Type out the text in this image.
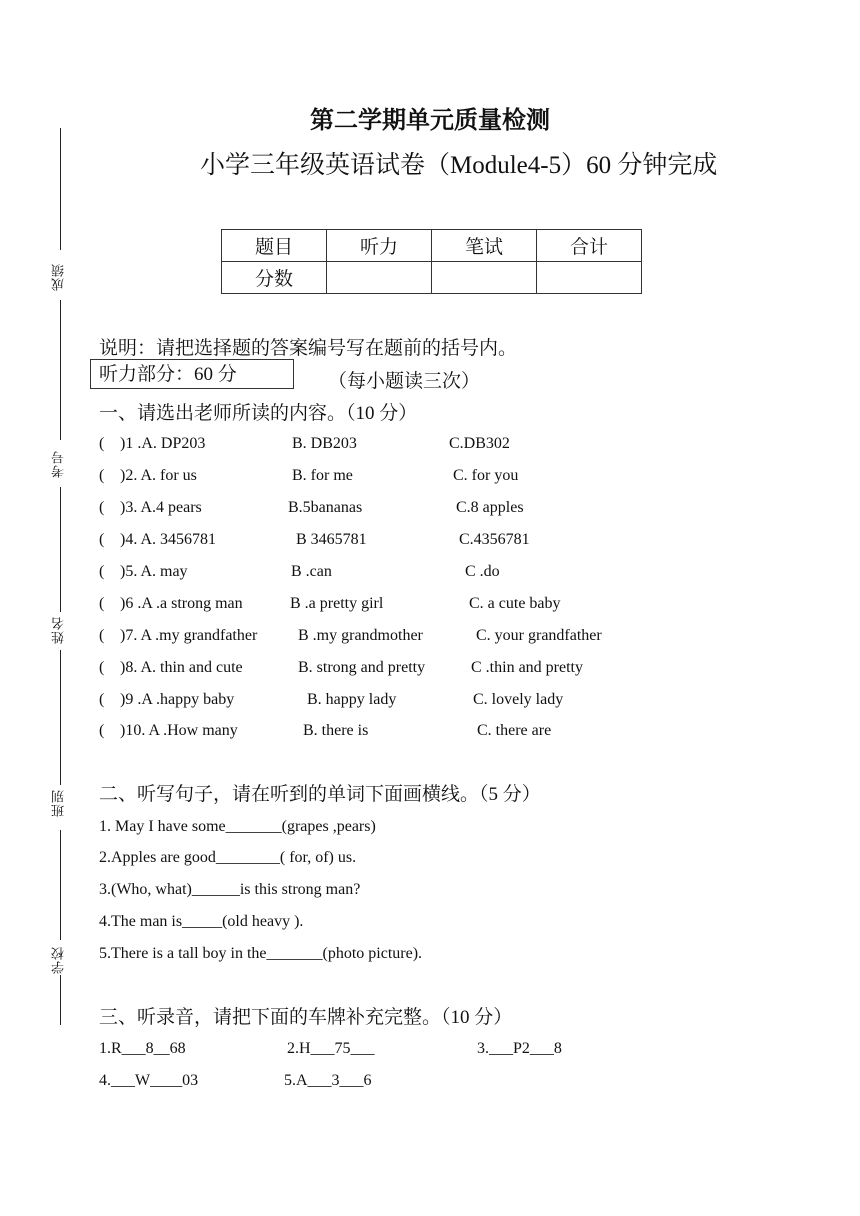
第二学期单元质量检测
小学三年级英语试卷（Module4-5）60 分钟完成
成绩
考号
姓名
班别
学校
题目	听力	笔试	合计
分数			
说明：请把选择题的答案编号写在题前的括号内。
听力部分：60 分	（每小题读三次）
一、请选出老师所读的内容。（10 分）
( )1 .A. DP203	B. DB203	C.DB302
( )2. A. for us	B. for me	C. for you
( )3. A.4 pears	B.5bananas	C.8 apples
( )4. A. 3456781	B 3465781	C.4356781
( )5. A. may	B .can	C .do
( )6 .A .a strong man	B .a pretty girl	C. a cute baby
( )7. A .my grandfather	B .my grandmother	C. your grandfather
( )8. A. thin and cute	B. strong and pretty	C .thin and pretty
( )9 .A .happy baby	B. happy lady	C. lovely lady
( )10. A .How many	B. there is	C. there are
二、听写句子，请在听到的单词下面画横线。（5 分）
1. May I have some_______(grapes ,pears)
2.Apples are good________( for, of) us.
3.(Who, what)______is this strong man?
4.The man is_____(old heavy ).
5.There is a tall boy in the_______(photo picture).
三、听录音，请把下面的车牌补充完整。（10 分）
1.R___8__68	2.H___75___	3.___P2___8
4.___W____03	5.A___3___6
